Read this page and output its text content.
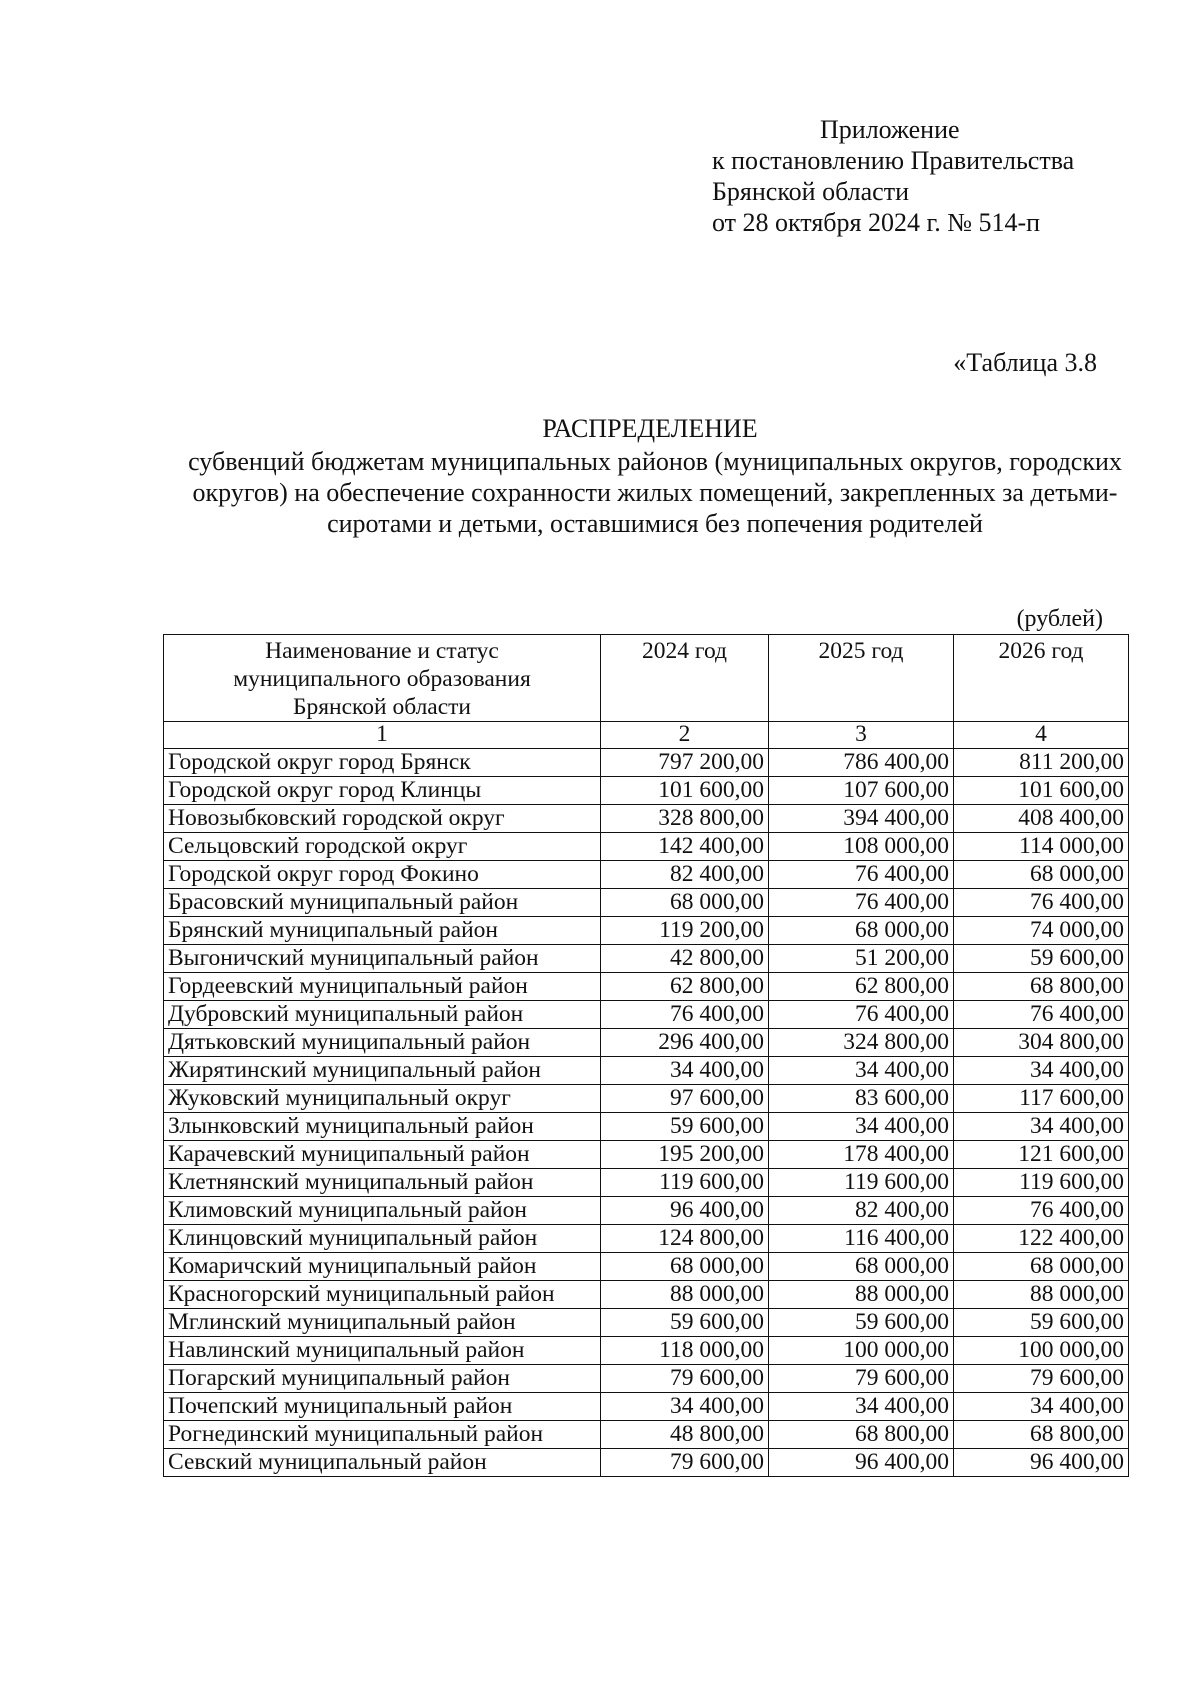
Приложение
к постановлению Правительства
Брянской области
от 28 октября 2024 г. № 514-п
«Таблица 3.8
РАСПРЕДЕЛЕНИЕ
субвенций бюджетам муниципальных районов (муниципальных округов, городских округов) на обеспечение сохранности жилых помещений, закрепленных за детьми-сиротами и детьми, оставшимися без попечения родителей
(рублей)
Наименование и статус муниципального образования Брянской области	2024 год	2025 год	2026 год
1	2	3	4
Городской округ город Брянск	797 200,00	786 400,00	811 200,00
Городской округ город Клинцы	101 600,00	107 600,00	101 600,00
Новозыбковский городской округ	328 800,00	394 400,00	408 400,00
Сельцовский городской округ	142 400,00	108 000,00	114 000,00
Городской округ город Фокино	82 400,00	76 400,00	68 000,00
Брасовский муниципальный район	68 000,00	76 400,00	76 400,00
Брянский муниципальный район	119 200,00	68 000,00	74 000,00
Выгоничский муниципальный район	42 800,00	51 200,00	59 600,00
Гордеевский муниципальный район	62 800,00	62 800,00	68 800,00
Дубровский муниципальный район	76 400,00	76 400,00	76 400,00
Дятьковский муниципальный район	296 400,00	324 800,00	304 800,00
Жирятинский муниципальный район	34 400,00	34 400,00	34 400,00
Жуковский муниципальный округ	97 600,00	83 600,00	117 600,00
Злынковский муниципальный район	59 600,00	34 400,00	34 400,00
Карачевский муниципальный район	195 200,00	178 400,00	121 600,00
Клетнянский муниципальный район	119 600,00	119 600,00	119 600,00
Климовский муниципальный район	96 400,00	82 400,00	76 400,00
Клинцовский муниципальный район	124 800,00	116 400,00	122 400,00
Комаричский муниципальный район	68 000,00	68 000,00	68 000,00
Красногорский муниципальный район	88 000,00	88 000,00	88 000,00
Мглинский муниципальный район	59 600,00	59 600,00	59 600,00
Навлинский муниципальный район	118 000,00	100 000,00	100 000,00
Погарский муниципальный район	79 600,00	79 600,00	79 600,00
Почепский муниципальный район	34 400,00	34 400,00	34 400,00
Рогнединский муниципальный район	48 800,00	68 800,00	68 800,00
Севский муниципальный район	79 600,00	96 400,00	96 400,00
